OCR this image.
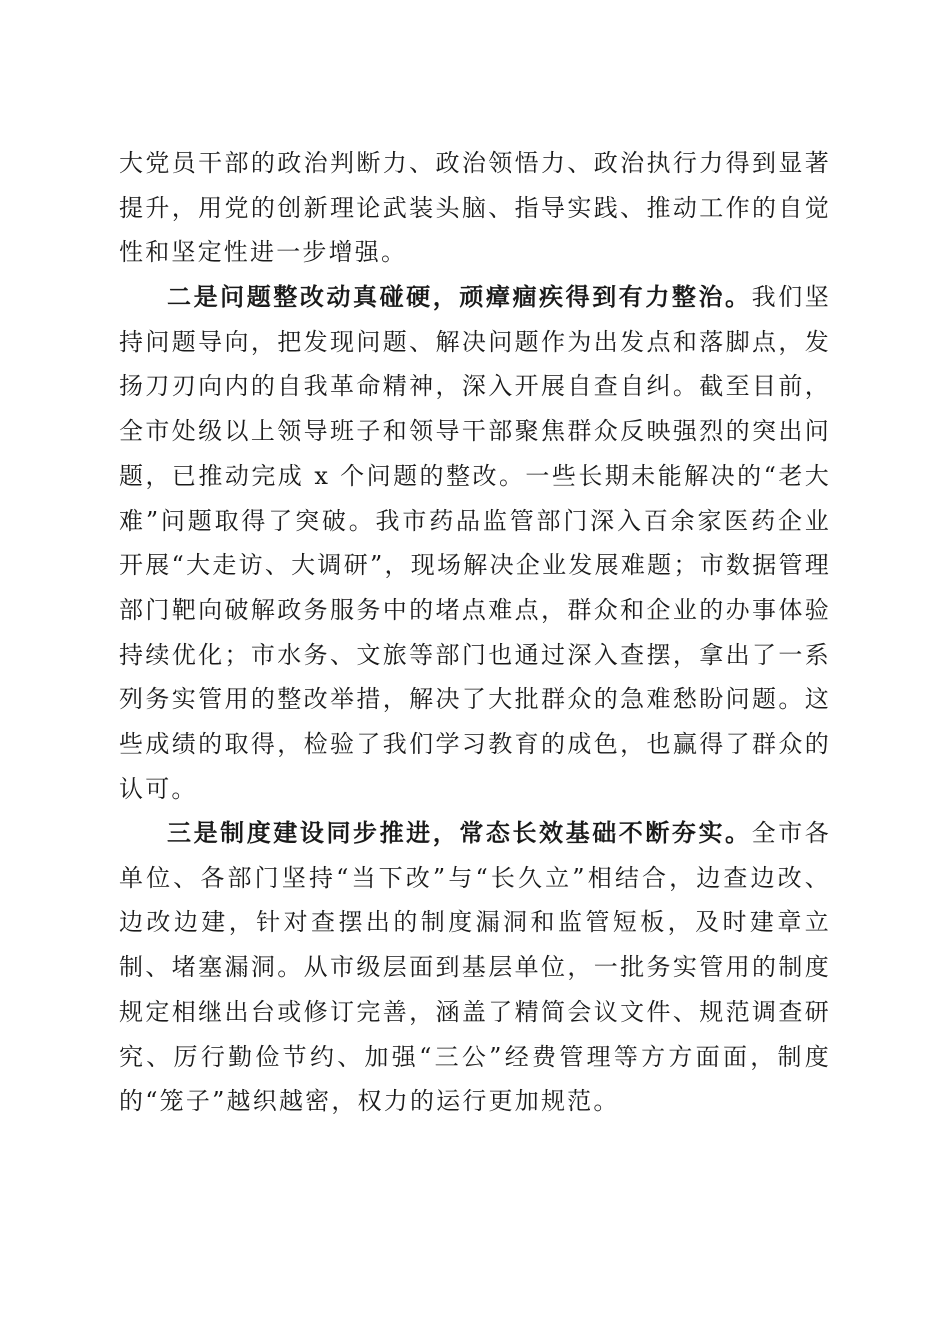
大党员干部的政治判断力、政治领悟力、政治执行力得到显著提升，用党的创新理论武装头脑、指导实践、推动工作的自觉性和坚定性进一步增强。

二是问题整改动真碰硬，顽瘴痼疾得到有力整治。我们坚持问题导向，把发现问题、解决问题作为出发点和落脚点，发扬刀刃向内的自我革命精神，深入开展自查自纠。截至目前，全市处级以上领导班子和领导干部聚焦群众反映强烈的突出问题，已推动完成 x 个问题的整改。一些长期未能解决的“老大难”问题取得了突破。我市药品监管部门深入百余家医药企业开展“大走访、大调研”，现场解决企业发展难题；市数据管理部门靶向破解政务服务中的堵点难点，群众和企业的办事体验持续优化；市水务、文旅等部门也通过深入查摆，拿出了一系列务实管用的整改举措，解决了大批群众的急难愁盼问题。这些成绩的取得，检验了我们学习教育的成色，也赢得了群众的认可。

三是制度建设同步推进，常态长效基础不断夯实。全市各单位、各部门坚持“当下改”与“长久立”相结合，边查边改、边改边建，针对查摆出的制度漏洞和监管短板，及时建章立制、堵塞漏洞。从市级层面到基层单位，一批务实管用的制度规定相继出台或修订完善，涵盖了精简会议文件、规范调查研究、厉行勤俭节约、加强“三公”经费管理等方方面面，制度的“笼子”越织越密，权力的运行更加规范。
